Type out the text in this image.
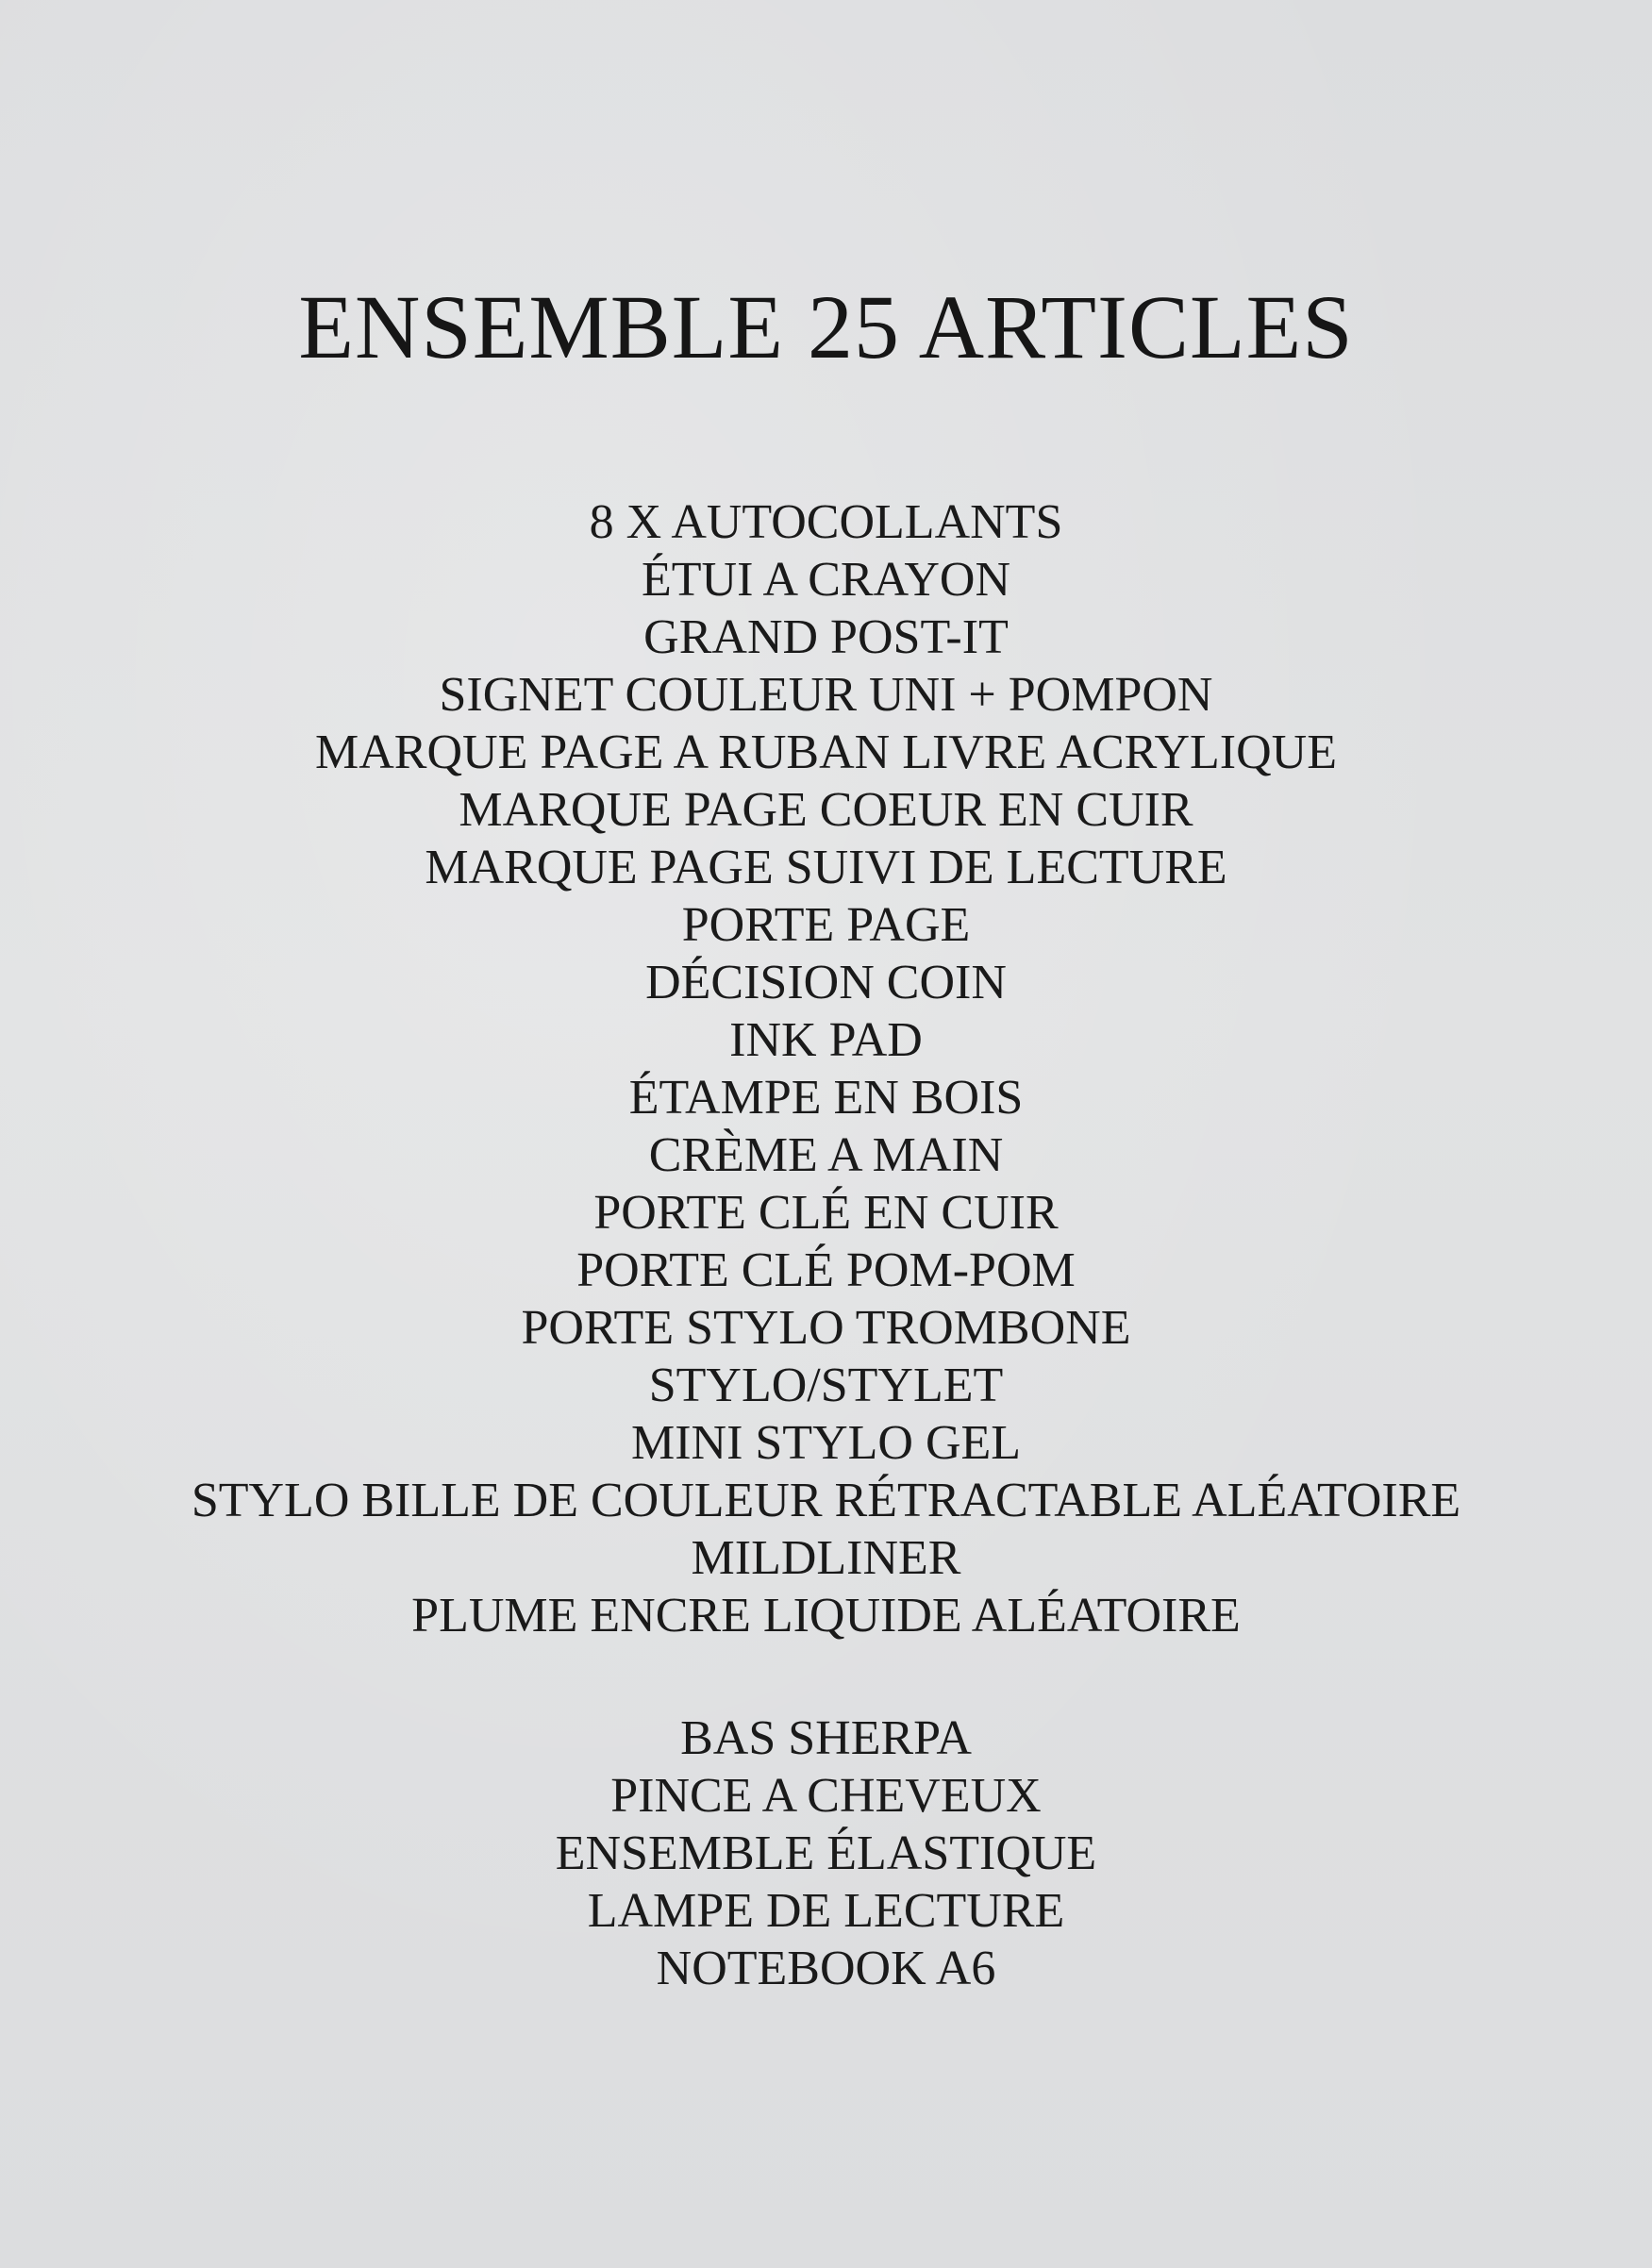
ENSEMBLE 25 ARTICLES
8 X AUTOCOLLANTS
ÉTUI A CRAYON
GRAND POST-IT
SIGNET COULEUR UNI + POMPON
MARQUE PAGE A RUBAN LIVRE ACRYLIQUE
MARQUE PAGE COEUR EN CUIR
MARQUE PAGE SUIVI DE LECTURE
PORTE PAGE
DÉCISION COIN
INK PAD
ÉTAMPE EN BOIS
CRÈME A MAIN
PORTE CLÉ EN CUIR
PORTE CLÉ POM-POM
PORTE STYLO TROMBONE
STYLO/STYLET
MINI STYLO GEL
STYLO BILLE DE COULEUR RÉTRACTABLE ALÉATOIRE
MILDLINER
PLUME ENCRE LIQUIDE ALÉATOIRE
BAS SHERPA
PINCE A CHEVEUX
ENSEMBLE ÉLASTIQUE
LAMPE DE LECTURE
NOTEBOOK A6
